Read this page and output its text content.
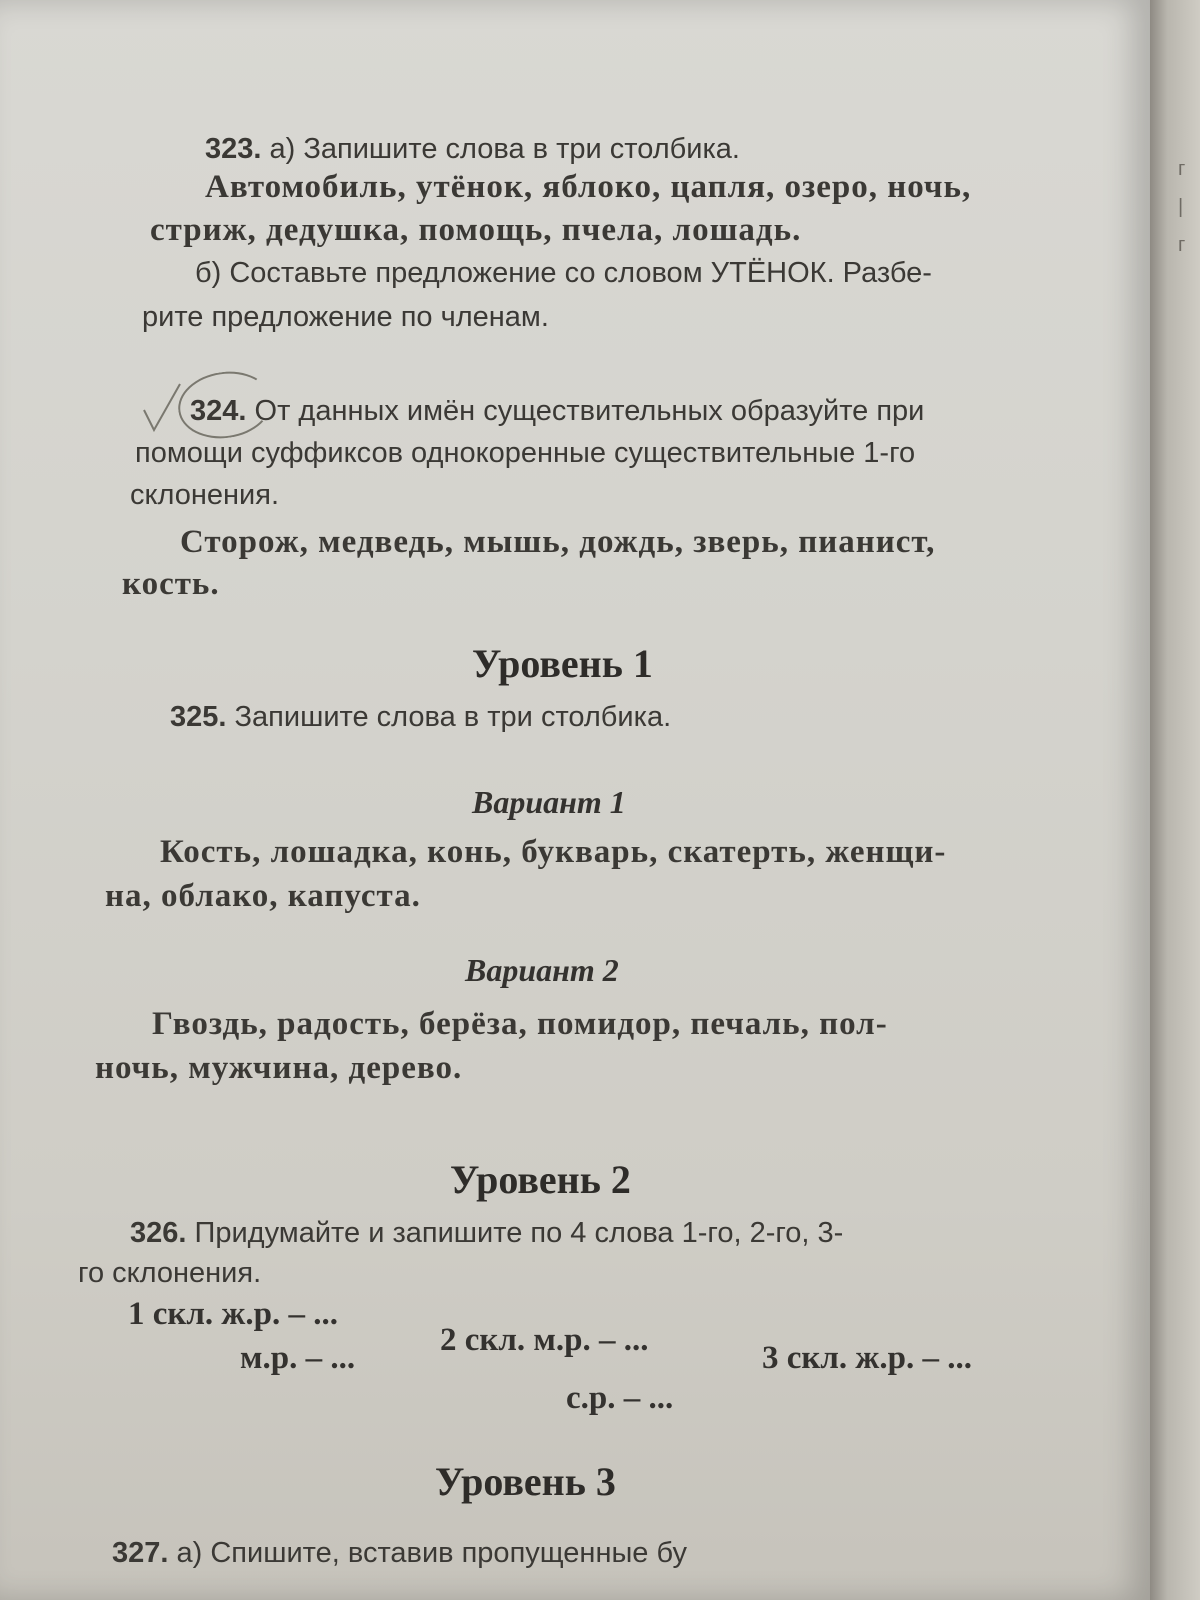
г
|
г
323. а) Запишите слова в три столбика.
Автомобиль, утёнок, яблоко, цапля, озеро, ночь,
стриж, дедушка, помощь, пчела, лошадь.
б) Составьте предложение со словом УТЁНОК. Разбе-
рите предложение по членам.
324. От данных имён существительных образуйте при
помощи суффиксов однокоренные существительные 1-го
склонения.
Сторож, медведь, мышь, дождь, зверь, пианист,
кость.
Уровень 1
325. Запишите слова в три столбика.
Вариант 1
Кость, лошадка, конь, букварь, скатерть, женщи-
на, облако, капуста.
Вариант 2
Гвоздь, радость, берёза, помидор, печаль, пол-
ночь, мужчина, дерево.
Уровень 2
326. Придумайте и запишите по 4 слова 1-го, 2-го, 3-
го склонения.
1 скл. ж.р. – ...
м.р. – ...	2 скл. м.р. – ...
с.р. – ...
3 скл. ж.р. – ...
Уровень 3
327. а) Спишите, вставив пропущенные бу
